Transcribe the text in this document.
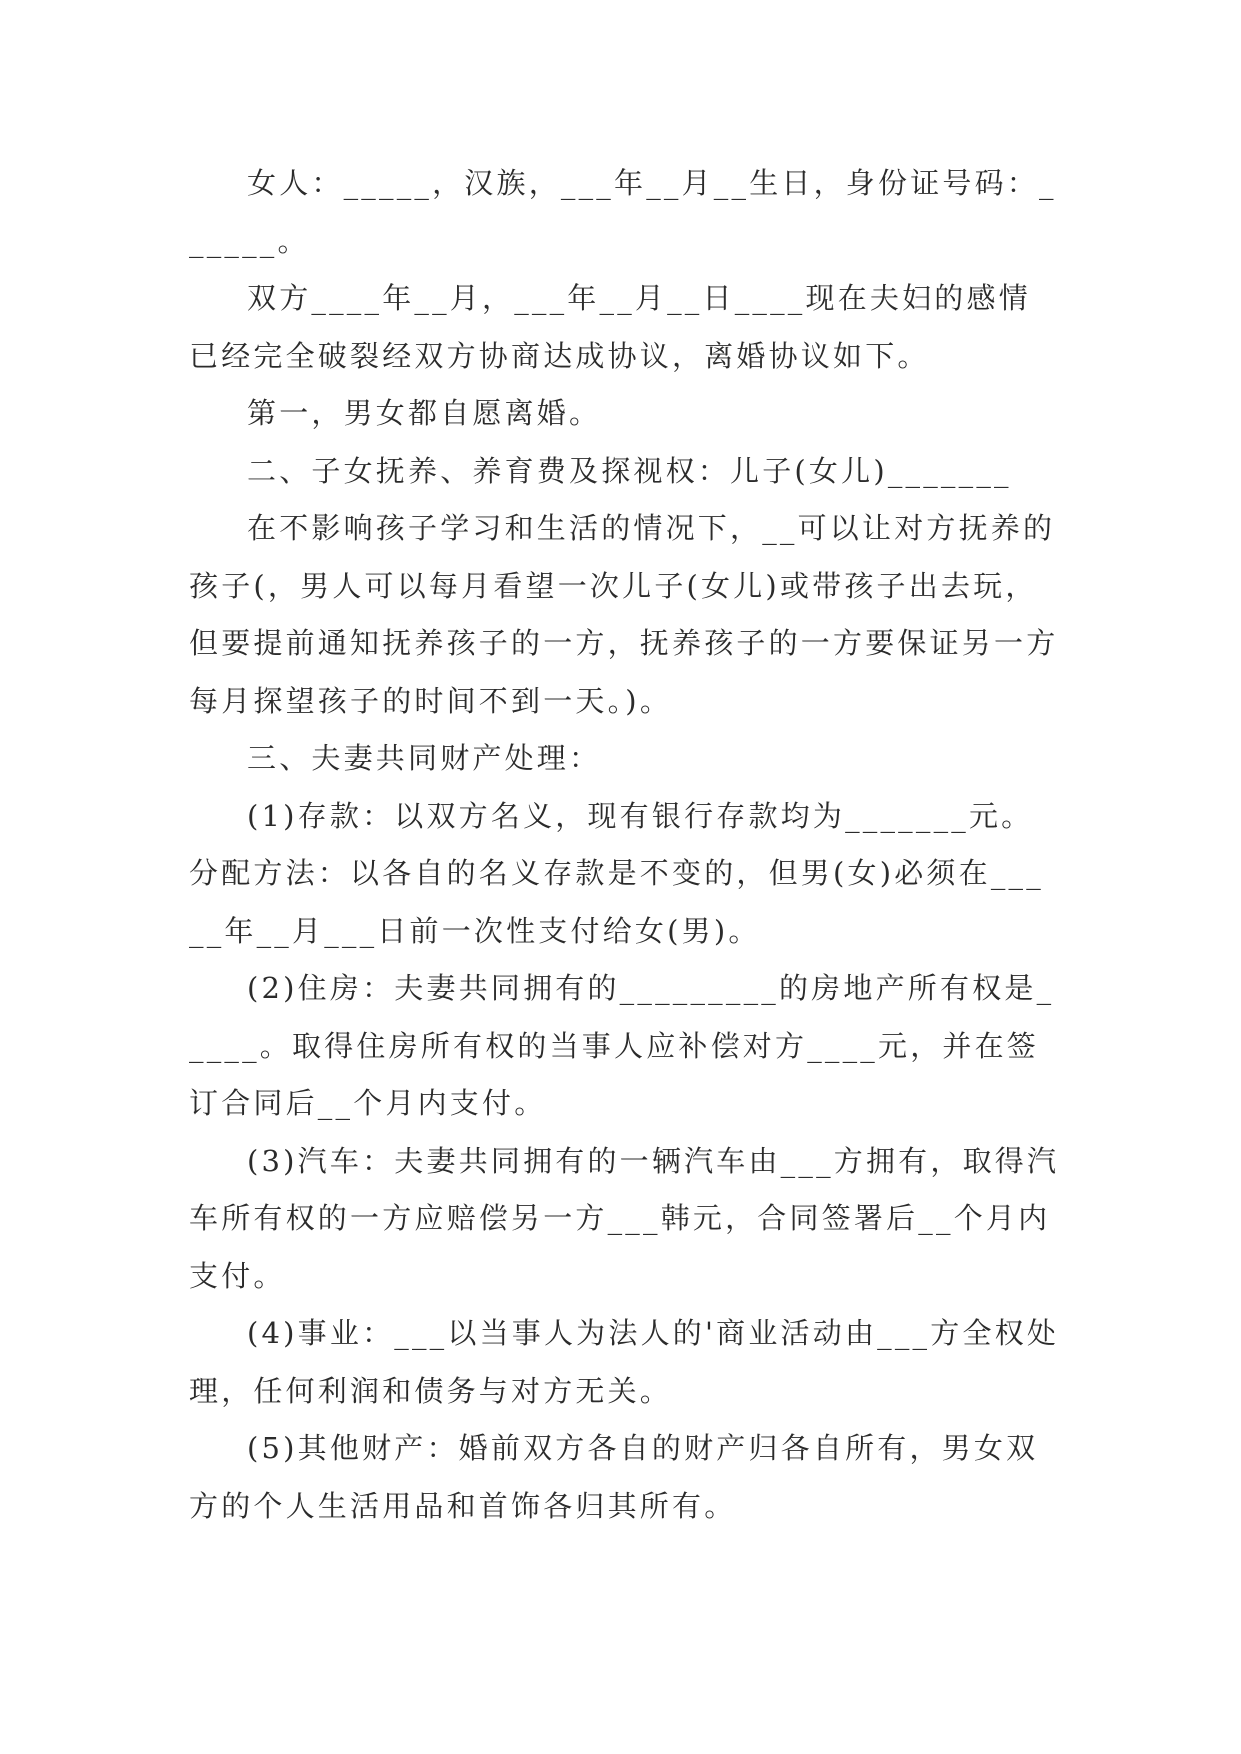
女人：_____，汉族，___年__月__生日，身份证号码：______。

双方____年__月，___年__月__日____现在夫妇的感情已经完全破裂经双方协商达成协议，离婚协议如下。

第一，男女都自愿离婚。

二、子女抚养、养育费及探视权：儿子(女儿)_______

在不影响孩子学习和生活的情况下，__可以让对方抚养的孩子(，男人可以每月看望一次儿子(女儿)或带孩子出去玩，但要提前通知抚养孩子的一方，抚养孩子的一方要保证另一方每月探望孩子的时间不到一天。)。

三、夫妻共同财产处理：

(1)存款：以双方名义，现有银行存款均为_______元。分配方法：以各自的名义存款是不变的，但男(女)必须在_____年__月___日前一次性支付给女(男)。

(2)住房：夫妻共同拥有的_________的房地产所有权是_____。取得住房所有权的当事人应补偿对方____元，并在签订合同后__个月内支付。

(3)汽车：夫妻共同拥有的一辆汽车由___方拥有，取得汽车所有权的一方应赔偿另一方___韩元，合同签署后__个月内支付。

(4)事业：___以当事人为法人的'商业活动由___方全权处理，任何利润和债务与对方无关。

(5)其他财产：婚前双方各自的财产归各自所有，男女双方的个人生活用品和首饰各归其所有。
